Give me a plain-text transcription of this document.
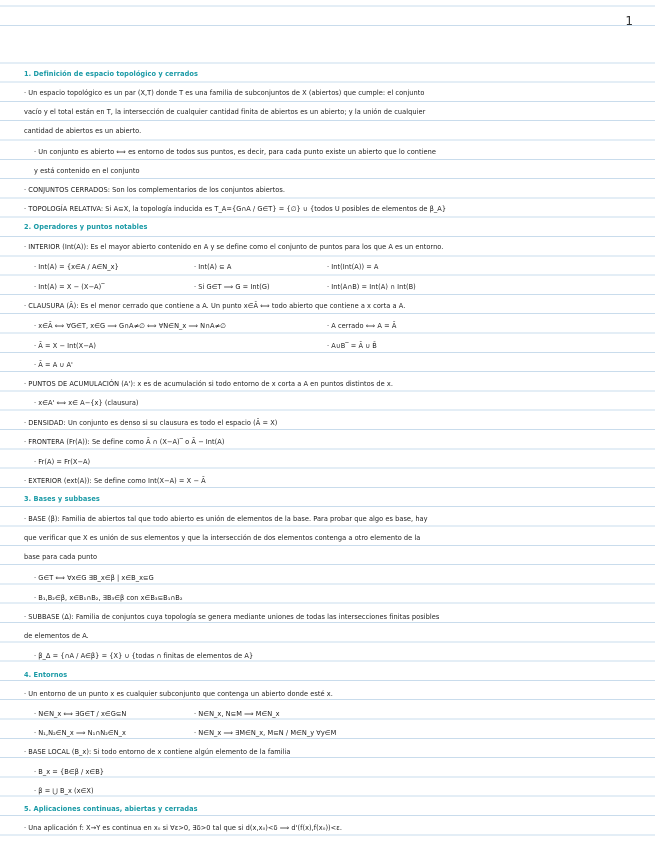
1
1. Definición de espacio topológico y cerrados
· Un espacio topológico es un par (X,T) donde T es una familia de subconjuntos de X (abiertos) que cumple: el conjunto
vacío y el total están en T, la intersección de cualquier cantidad finita de abiertos es un abierto; y la unión de cualquier
cantidad de abiertos es un abierto.
· Un conjunto es abierto ⟺ es entorno de todos sus puntos, es decir, para cada punto existe un abierto que lo contiene
y está contenido en el conjunto
· CONJUNTOS CERRADOS: Son los complementarios de los conjuntos abiertos.
· TOPOLOGÍA RELATIVA: Si A⊆X, la topología inducida es T_A={G∩A / G∈T} = {∅} ∪ {todos U posibles de elementos de β_A}
2. Operadores y puntos notables
· INTERIOR (Int(A)): Es el mayor abierto contenido en A y se define como el conjunto de puntos para los que A es un entorno.
· Int(A) = {x∈A / A∈N_x}	· Int(A) ⊆ A	· Int(Int(A)) = A
· Int(A) = X − (X−A)‾	· Si G∈T ⟹ G = Int(G)	· Int(A∩B) = Int(A) ∩ Int(B)
· CLAUSURA (Ā): Es el menor cerrado que contiene a A. Un punto x∈Ā ⟺ todo abierto que contiene a x corta a A.
· x∈Ā ⟺ ∀G∈T, x∈G ⟹ G∩A≠∅ ⟺ ∀N∈N_x ⟹ N∩A≠∅	· A cerrado ⟺ A = Ā
· Ā = X − Int(X−A)	· A∪B‾ = Ā ∪ B̄
· Ā = A ∪ A'
· PUNTOS DE ACUMULACIÓN (A'): x es de acumulación si todo entorno de x corta a A en puntos distintos de x.
· x∈A' ⟺ x∈ A−{x} (clausura)
· DENSIDAD: Un conjunto es denso si su clausura es todo el espacio (Ā = X)
· FRONTERA (Fr(A)): Se define como Ā ∩ (X−A)‾ o Ā − Int(A)
· Fr(A) = Fr(X−A)
· EXTERIOR (ext(A)): Se define como Int(X−A) = X − Ā
3. Bases y subbases
· BASE (β): Familia de abiertos tal que todo abierto es unión de elementos de la base. Para probar que algo es base, hay
que verificar que X es unión de sus elementos y que la intersección de dos elementos contenga a otro elemento de la
base para cada punto
· G∈T ⟺ ∀x∈G ∃B_x∈β | x∈B_x⊆G
· B₁,B₂∈β, x∈B₁∩B₂, ∃B₃∈β con x∈B₃⊆B₁∩B₂
· SUBBASE (Δ): Familia de conjuntos cuya topología se genera mediante uniones de todas las intersecciones finitas posibles
de elementos de A.
· β_Δ = {∩A / A∈β} = {X} ∪ {todas ∩ finitas de elementos de A}
4. Entornos
· Un entorno de un punto x es cualquier subconjunto que contenga un abierto donde esté x.
· N∈N_x ⟺ ∃G∈T / x∈G⊆N	· N∈N_x, N⊆M ⟹ M∈N_x
· N₁,N₂∈N_x ⟹ N₁∩N₂∈N_x	· N∈N_x ⟹ ∃M∈N_x, M⊆N / M∈N_y ∀y∈M
· BASE LOCAL (B_x): Si todo entorno de x contiene algún elemento de la familia
· B_x = {B∈β / x∈B}
· β = ⋃ B_x (x∈X)
5. Aplicaciones continuas, abiertas y cerradas
· Una aplicación f: X→Y es continua en x₀ si ∀ε>0, ∃δ>0 tal que si d(x,x₀)<δ ⟹ d'(f(x),f(x₀))<ε.
